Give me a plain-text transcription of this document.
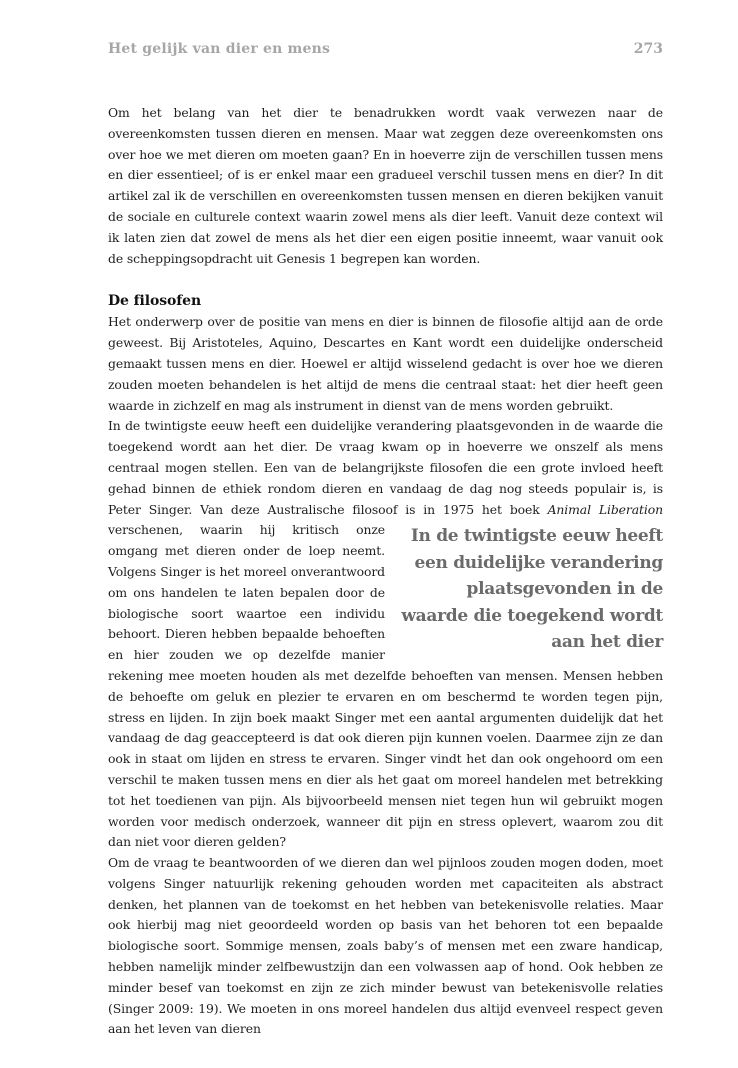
Het gelijk van dier en mens	273

Om het belang van het dier te benadrukken wordt vaak verwezen naar de overeenkomsten tussen dieren en mensen. Maar wat zeggen deze overeenkomsten ons over hoe we met dieren om moeten gaan? En in hoeverre zijn de verschillen tussen mens en dier essentieel; of is er enkel maar een gradueel verschil tussen mens en dier? In dit artikel zal ik de verschillen en overeenkomsten tussen mensen en dieren bekijken vanuit de sociale en culturele context waarin zowel mens als dier leeft. Vanuit deze context wil ik laten zien dat zowel de mens als het dier een eigen positie inneemt, waar vanuit ook de scheppingsopdracht uit Genesis 1 begrepen kan worden.

De filosofen

Het onderwerp over de positie van mens en dier is binnen de filosofie altijd aan de orde geweest. Bij Aristoteles, Aquino, Descartes en Kant wordt een duidelijke onderscheid gemaakt tussen mens en dier. Hoewel er altijd wisselend gedacht is over hoe we dieren zouden moeten behandelen is het altijd de mens die centraal staat: het dier heeft geen waarde in zichzelf en mag als instrument in dienst van de mens worden gebruikt.

In de twintigste eeuw heeft een duidelijke verandering plaatsgevonden in de waarde die toegekend wordt aan het dier. De vraag kwam op in hoeverre we onszelf als mens centraal mogen stellen. Een van de belangrijkste filosofen die een grote invloed heeft gehad binnen de ethiek rondom dieren en vandaag de dag nog steeds populair is, is Peter Singer. Van deze Australische filosoof is in 1975 het boek
In de twintigste eeuw heeft een duidelijke verandering plaatsgevonden in de waarde die toegekend wordt aan het dier
Animal Liberation verschenen, waarin hij kritisch onze omgang met dieren onder de loep neemt. Volgens Singer is het moreel onverantwoord om ons handelen te laten bepalen door de biologische soort waartoe een individu behoort. Dieren hebben bepaalde behoeften en hier zouden we op dezelfde manier rekening mee moeten houden als met dezelfde behoeften van mensen. Mensen hebben de behoefte om geluk en plezier te ervaren en om beschermd te worden tegen pijn, stress en lijden. In zijn boek maakt Singer met een aantal argumenten duidelijk dat het vandaag de dag geaccepteerd is dat ook dieren pijn kunnen voelen. Daarmee zijn ze dan ook in staat om lijden en stress te ervaren. Singer vindt het dan ook ongehoord om een verschil te maken tussen mens en dier als het gaat om moreel handelen met betrekking tot het toedienen van pijn. Als bijvoorbeeld mensen niet tegen hun wil gebruikt mogen worden voor medisch onderzoek, wanneer dit pijn en stress oplevert, waarom zou dit dan niet voor dieren gelden?

Om de vraag te beantwoorden of we dieren dan wel pijnloos zouden mogen doden, moet volgens Singer natuurlijk rekening gehouden worden met capaciteiten als abstract denken, het plannen van de toekomst en het hebben van betekenisvolle relaties. Maar ook hierbij mag niet geoordeeld worden op basis van het behoren tot een bepaalde biologische soort. Sommige mensen, zoals baby’s of mensen met een zware handicap, hebben namelijk minder zelfbewustzijn dan een volwassen aap of hond. Ook hebben ze minder besef van toekomst en zijn ze zich minder bewust van betekenisvolle relaties (Singer 2009: 19). We moeten in ons moreel handelen dus altijd evenveel respect geven aan het leven van dieren
